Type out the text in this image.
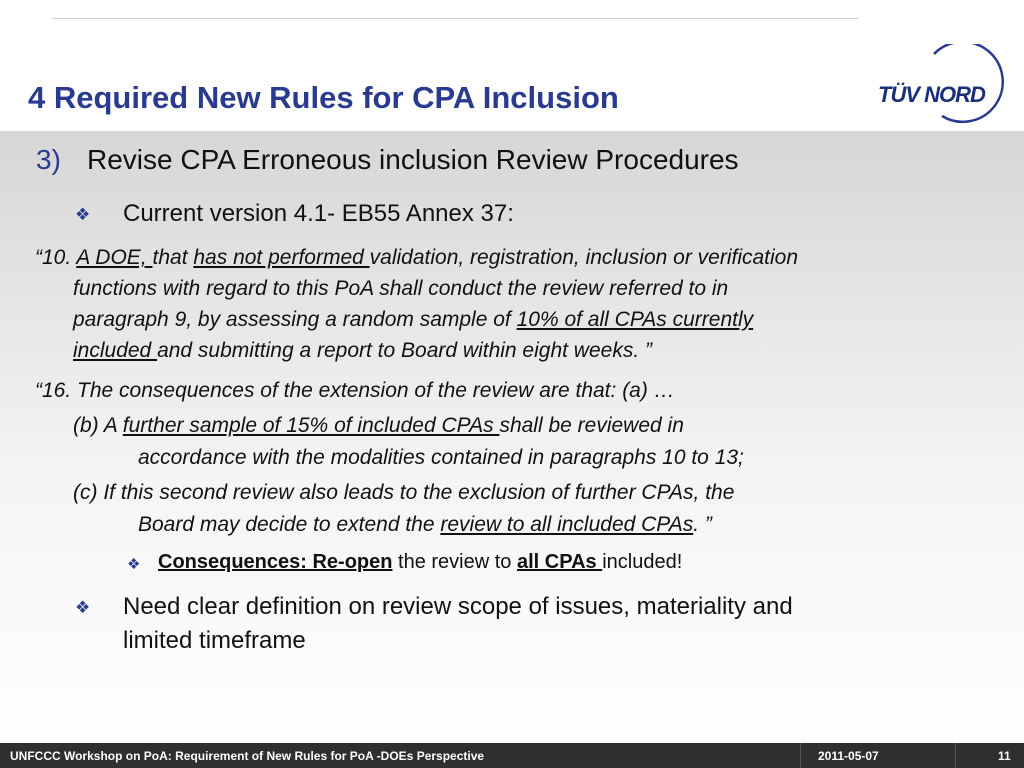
4 Required New Rules for CPA Inclusion	TÜV NORD
3) Revise CPA Erroneous inclusion Review Procedures
❖ Current version 4.1- EB55 Annex 37:
“10. A DOE, that has not performed validation, registration, inclusion or verification
functions with regard to this PoA shall conduct the review referred to in
paragraph 9, by assessing a random sample of 10% of all CPAs currently
included and submitting a report to Board within eight weeks. ”
“16. The consequences of the extension of the review are that: (a) …
(b) A further sample of 15% of included CPAs shall be reviewed in
accordance with the modalities contained in paragraphs 10 to 13;
(c) If this second review also leads to the exclusion of further CPAs, the
Board may decide to extend the review to all included CPAs. ”
❖ Consequences: Re-open the review to all CPAs included!
❖ Need clear definition on review scope of issues, materiality and
limited timeframe
UNFCCC Workshop on PoA: Requirement of New Rules for PoA -DOEs Perspective	2011-05-07	11
